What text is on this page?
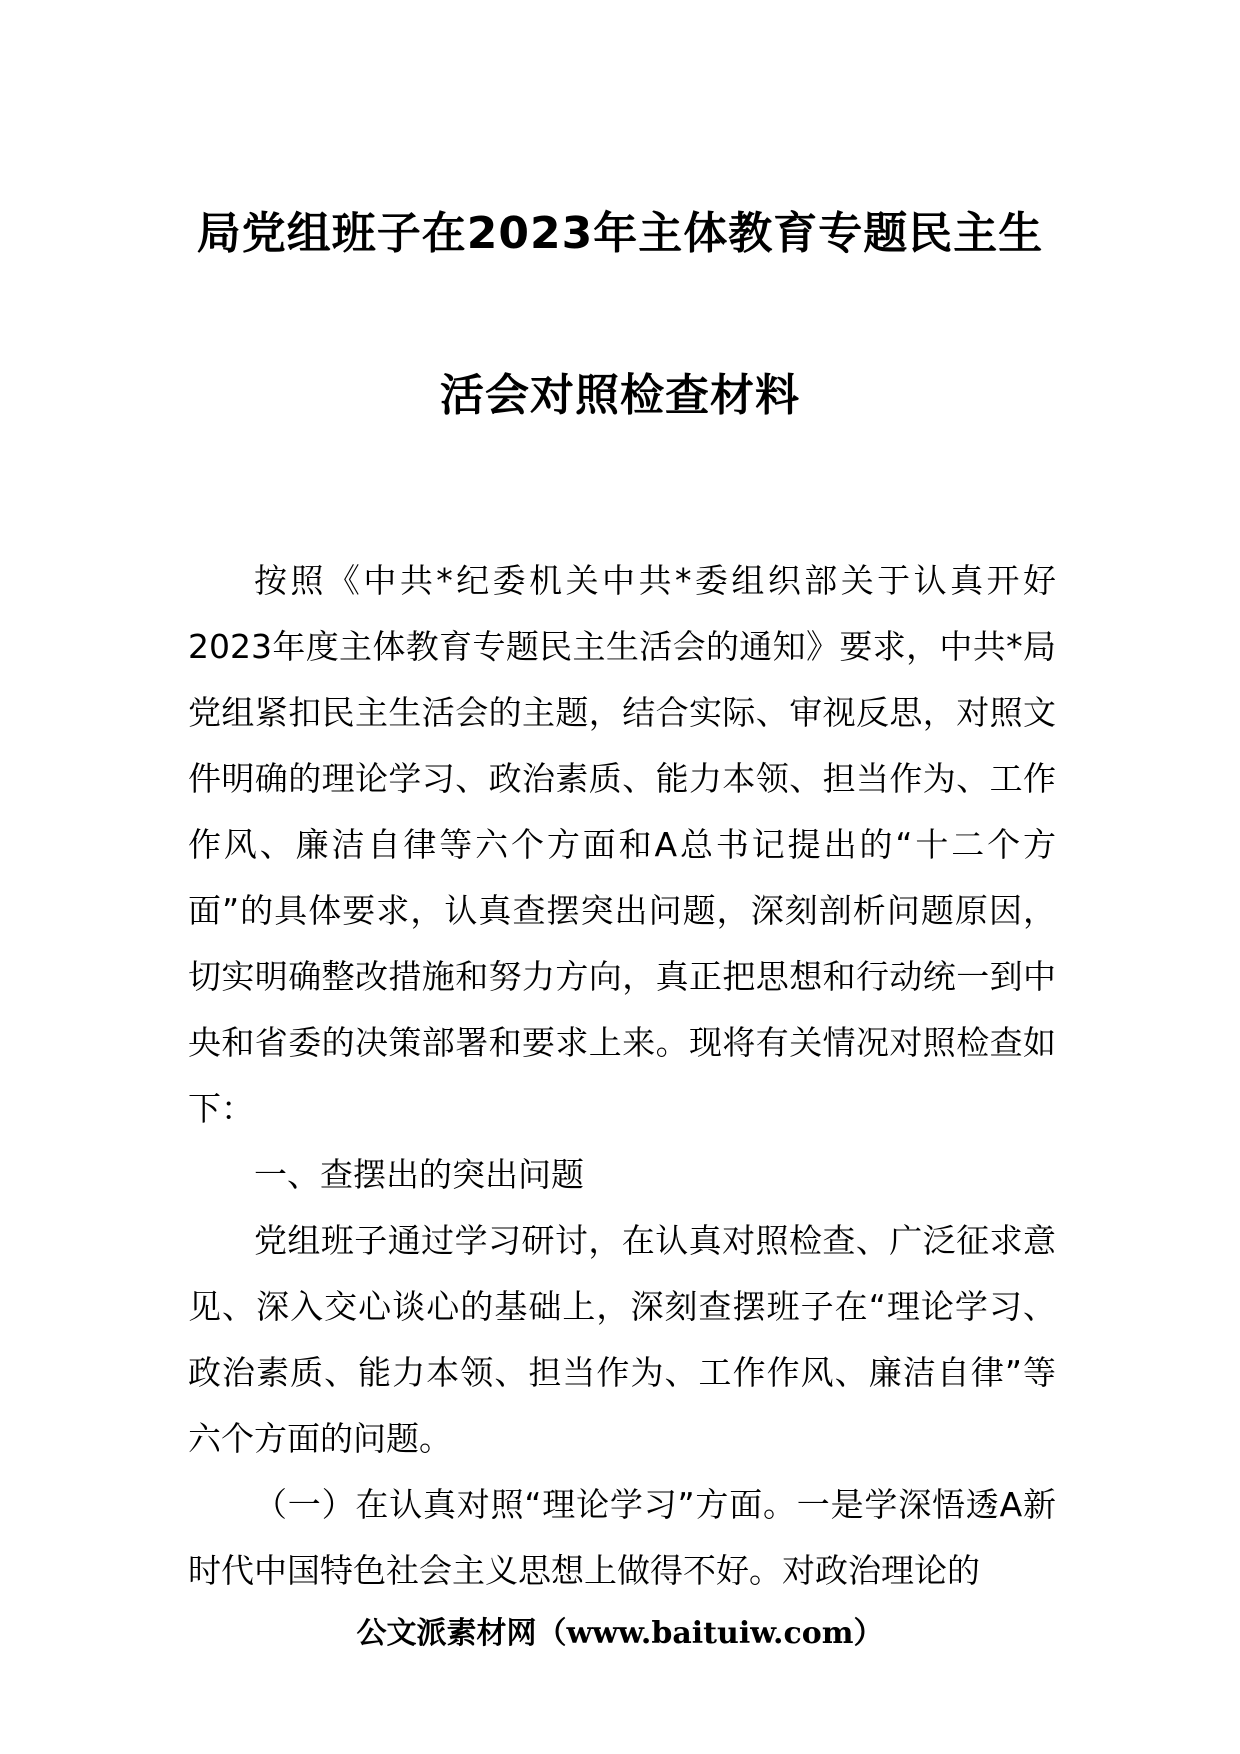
局党组班子在2023年主体教育专题民主生
活会对照检查材料

按照《中共*纪委机关中共*委组织部关于认真开好2023年度主体教育专题民主生活会的通知》要求，中共*局党组紧扣民主生活会的主题，结合实际、审视反思，对照文件明确的理论学习、政治素质、能力本领、担当作为、工作作风、廉洁自律等六个方面和A总书记提出的“十二个方面”的具体要求，认真查摆突出问题，深刻剖析问题原因，切实明确整改措施和努力方向，真正把思想和行动统一到中央和省委的决策部署和要求上来。现将有关情况对照检查如下：

一、查摆出的突出问题

党组班子通过学习研讨，在认真对照检查、广泛征求意见、深入交心谈心的基础上，深刻查摆班子在“理论学习、政治素质、能力本领、担当作为、工作作风、廉洁自律”等六个方面的问题。

（一）在认真对照“理论学习”方面。一是学深悟透A新时代中国特色社会主义思想上做得不好。对政治理论的

公文派素材网（www.baituiw.com）
